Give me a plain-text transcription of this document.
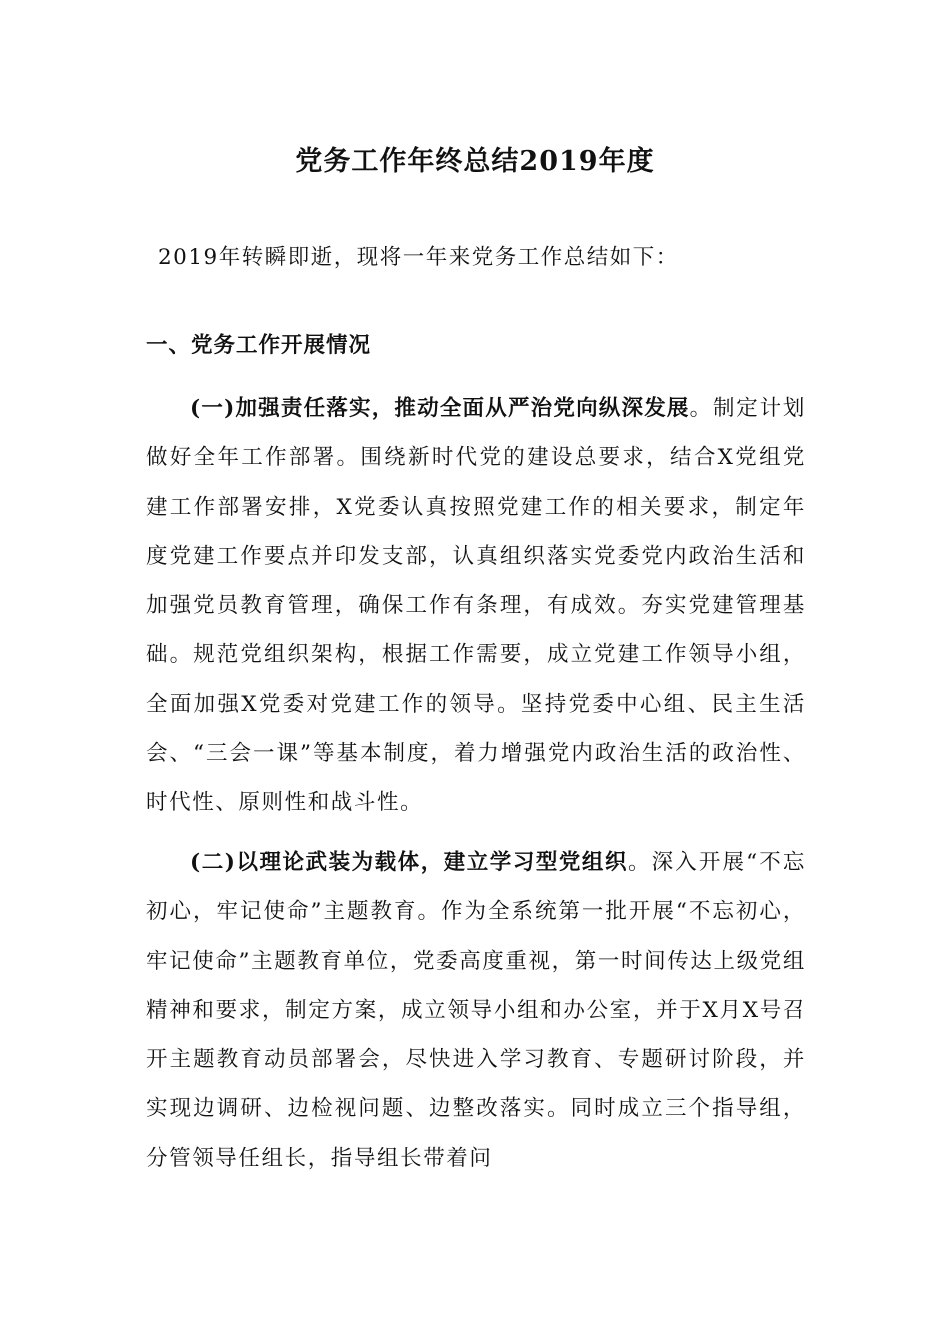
党务工作年终总结2019年度
2019年转瞬即逝，现将一年来党务工作总结如下：
一、党务工作开展情况
(一)加强责任落实，推动全面从严治党向纵深发展。制定计划做好全年工作部署。围绕新时代党的建设总要求，结合X党组党建工作部署安排，X党委认真按照党建工作的相关要求，制定年度党建工作要点并印发支部，认真组织落实党委党内政治生活和加强党员教育管理，确保工作有条理，有成效。夯实党建管理基础。规范党组织架构，根据工作需要，成立党建工作领导小组，全面加强X党委对党建工作的领导。坚持党委中心组、民主生活会、“三会一课”等基本制度，着力增强党内政治生活的政治性、时代性、原则性和战斗性。
(二)以理论武装为载体，建立学习型党组织。深入开展“不忘初心，牢记使命”主题教育。作为全系统第一批开展“不忘初心，牢记使命”主题教育单位，党委高度重视，第一时间传达上级党组精神和要求，制定方案，成立领导小组和办公室，并于X月X号召开主题教育动员部署会，尽快进入学习教育、专题研讨阶段，并实现边调研、边检视问题、边整改落实。同时成立三个指导组，分管领导任组长，指导组长带着问
